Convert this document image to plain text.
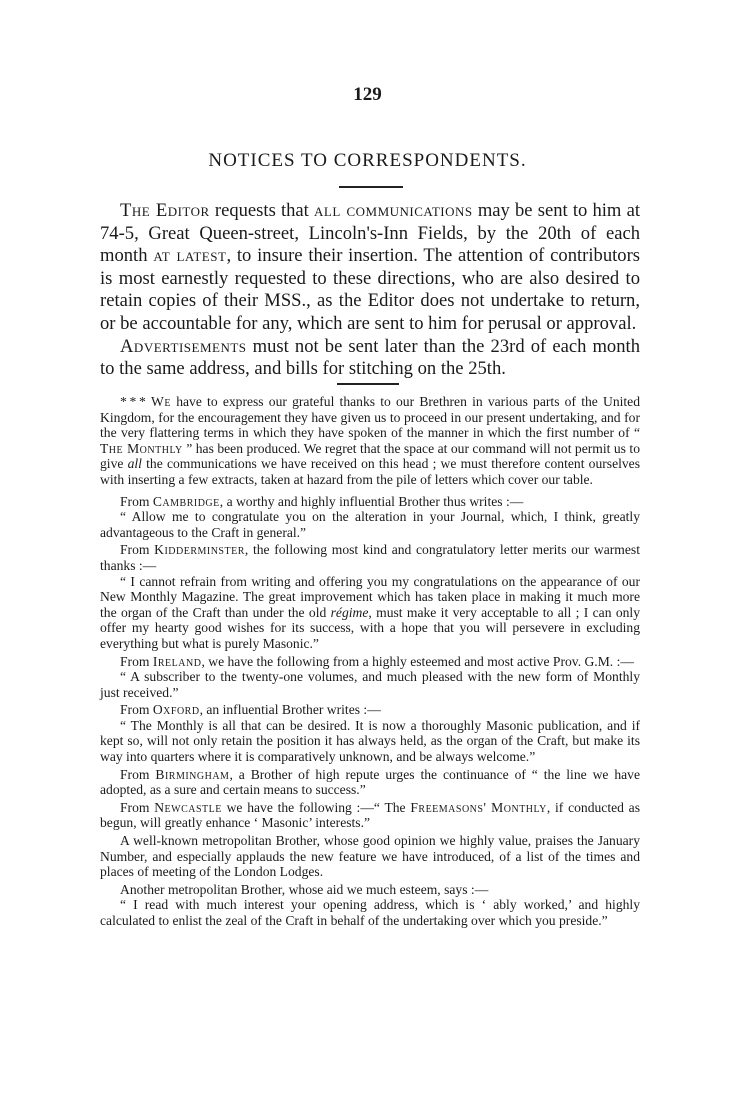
129
NOTICES TO CORRESPONDENTS.

The Editor requests that all communications may be sent to him at 74-5, Great Queen-street, Lincoln's-Inn Fields, by the 20th of each month at latest, to insure their insertion. The attention of contributors is most earnestly requested to these directions, who are also desired to retain copies of their MSS., as the Editor does not undertake to return, or be accountable for any, which are sent to him for perusal or approval.

Advertisements must not be sent later than the 23rd of each month to the same address, and bills for stitching on the 25th.

* * * We have to express our grateful thanks to our Brethren in various parts of the United Kingdom, for the encouragement they have given us to proceed in our present undertaking, and for the very flattering terms in which they have spoken of the manner in which the first number of “ The Monthly ” has been produced. We regret that the space at our command will not permit us to give all the communications we have received on this head ; we must therefore content ourselves with inserting a few extracts, taken at hazard from the pile of letters which cover our table.

From Cambridge, a worthy and highly influential Brother thus writes :—

“ Allow me to congratulate you on the alteration in your Journal, which, I think, greatly advantageous to the Craft in general.”

From Kidderminster, the following most kind and congratulatory letter merits our warmest thanks :—

“ I cannot refrain from writing and offering you my congratulations on the appearance of our New Monthly Magazine. The great improvement which has taken place in making it much more the organ of the Craft than under the old régime, must make it very acceptable to all ; I can only offer my hearty good wishes for its success, with a hope that you will persevere in excluding everything but what is purely Masonic.”

From Ireland, we have the following from a highly esteemed and most active Prov. G.M. :—

“ A subscriber to the twenty-one volumes, and much pleased with the new form of Monthly just received.”

From Oxford, an influential Brother writes :—

“ The Monthly is all that can be desired. It is now a thoroughly Masonic publication, and if kept so, will not only retain the position it has always held, as the organ of the Craft, but make its way into quarters where it is comparatively unknown, and be always welcome.”

From Birmingham, a Brother of high repute urges the continuance of “ the line we have adopted, as a sure and certain means to success.”

From Newcastle we have the following :—“ The Freemasons' Monthly, if conducted as begun, will greatly enhance ‘ Masonic’ interests.”

A well-known metropolitan Brother, whose good opinion we highly value, praises the January Number, and especially applauds the new feature we have introduced, of a list of the times and places of meeting of the London Lodges.

Another metropolitan Brother, whose aid we much esteem, says :—

“ I read with much interest your opening address, which is ‘ ably worked,’ and highly calculated to enlist the zeal of the Craft in behalf of the undertaking over which you preside.”
